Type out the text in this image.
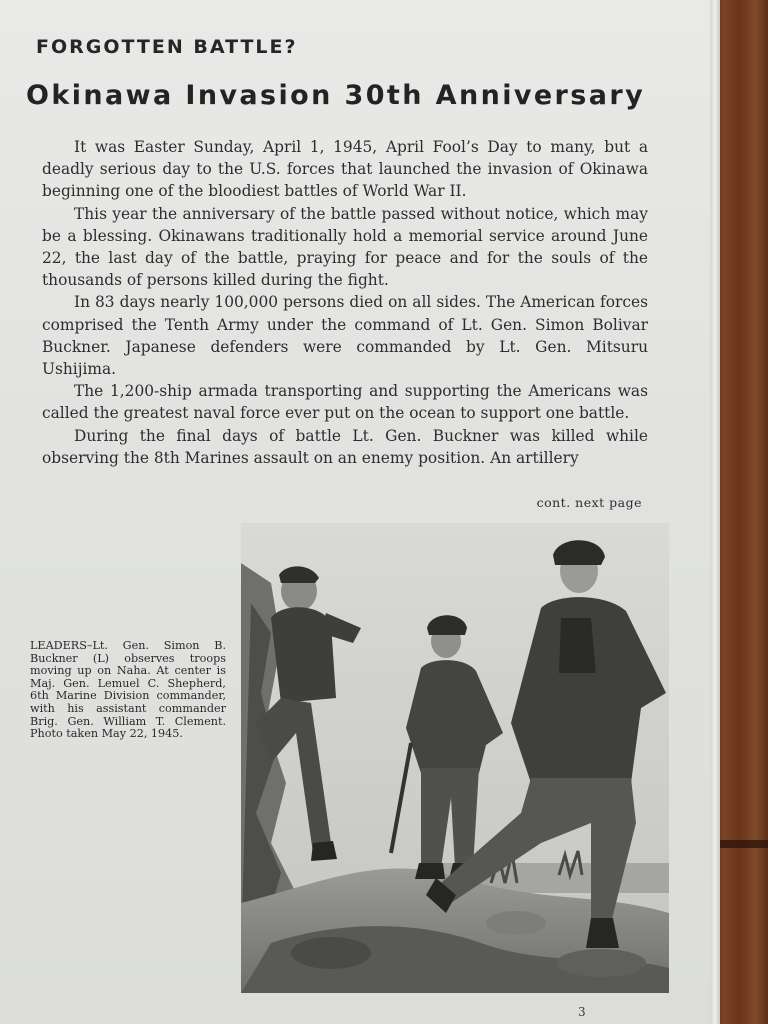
FORGOTTEN BATTLE?
Okinawa Invasion 30th Anniversary

It was Easter Sunday, April 1, 1945, April Fool’s Day to many, but a deadly serious day to the U.S. forces that launched the invasion of Okinawa beginning one of the bloodiest battles of World War II.

This year the anniversary of the battle passed without notice, which may be a blessing. Okinawans traditionally hold a memorial service around June 22, the last day of the battle, praying for peace and for the souls of the thousands of persons killed during the fight.

In 83 days nearly 100,000 persons died on all sides. The American forces comprised the Tenth Army under the command of Lt. Gen. Simon Bolivar Buckner. Japanese defenders were commanded by Lt. Gen. Mitsuru Ushijima.

The 1,200-ship armada transporting and supporting the Americans was called the greatest naval force ever put on the ocean to support one battle.

During the final days of battle Lt. Gen. Buckner was killed while observing the 8th Marines assault on an enemy position. An artillery

cont. next page
LEADERS–Lt. Gen. Simon B. Buckner (L) observes troops moving up on Naha. At center is Maj. Gen. Lemuel C. Shepherd, 6th Marine Division commander, with his assistant commander Brig. Gen. William T. Clement. Photo taken May 22, 1945.
3
